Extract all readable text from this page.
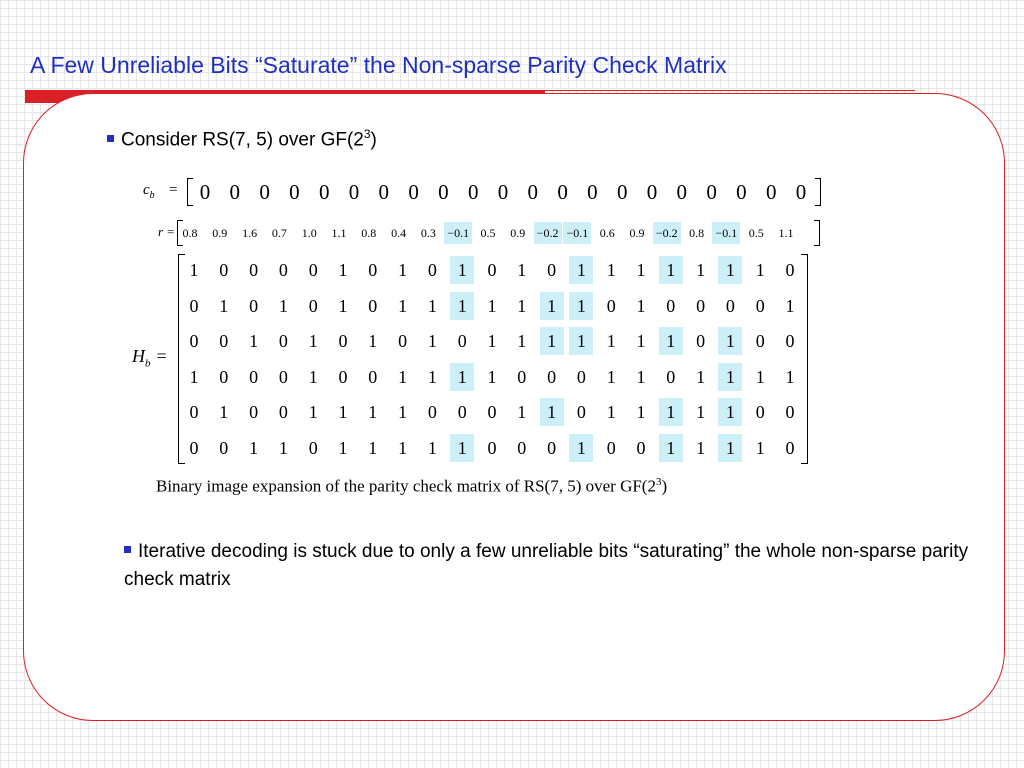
A Few Unreliable Bits “Saturate” the Non-sparse Parity Check Matrix
Consider RS(7, 5) over $GF(2^3)$
$c_b$ =	0 0 0 0 0 0 0 0 0 0 0 0 0 0 0 0 0 0 0 0 0
r = 0.8	0.9	1.6	0.7	1.0	1.1	0.8	0.4	0.3 −0.1 0.5	0.9 −0.2 −0.1 0.6	0.9 −0.2 0.8 −0.1 0.5	1.1
$H_b$ =
1	0	0	0	0	1	0	1	0	1	0	1	0	1	1	1	1	1	1	1	0
0	1	0	1	0	1	0	1	1	1	1	1	1	1	0	1	0	0	0	0	1
0	0	1	0	1	0	1	0	1	0	1	1	1	1	1	1	1	0	1	0	0
1	0	0	0	1	0	0	1	1	1	1	0	0	0	1	1	0	1	1	1	1
0	1	0	0	1	1	1	1	0	0	0	1	1	0	1	1	1	1	1	0	0
0	0	1	1	0	1	1	1	1	1	0	0	0	1	0	0	1	1	1	1	0
Binary image expansion of the parity check matrix of RS(7, 5) over $GF(2^3)$
Iterative decoding is stuck due to only a few unreliable bits “saturating” the whole non-sparse parity check matrix
